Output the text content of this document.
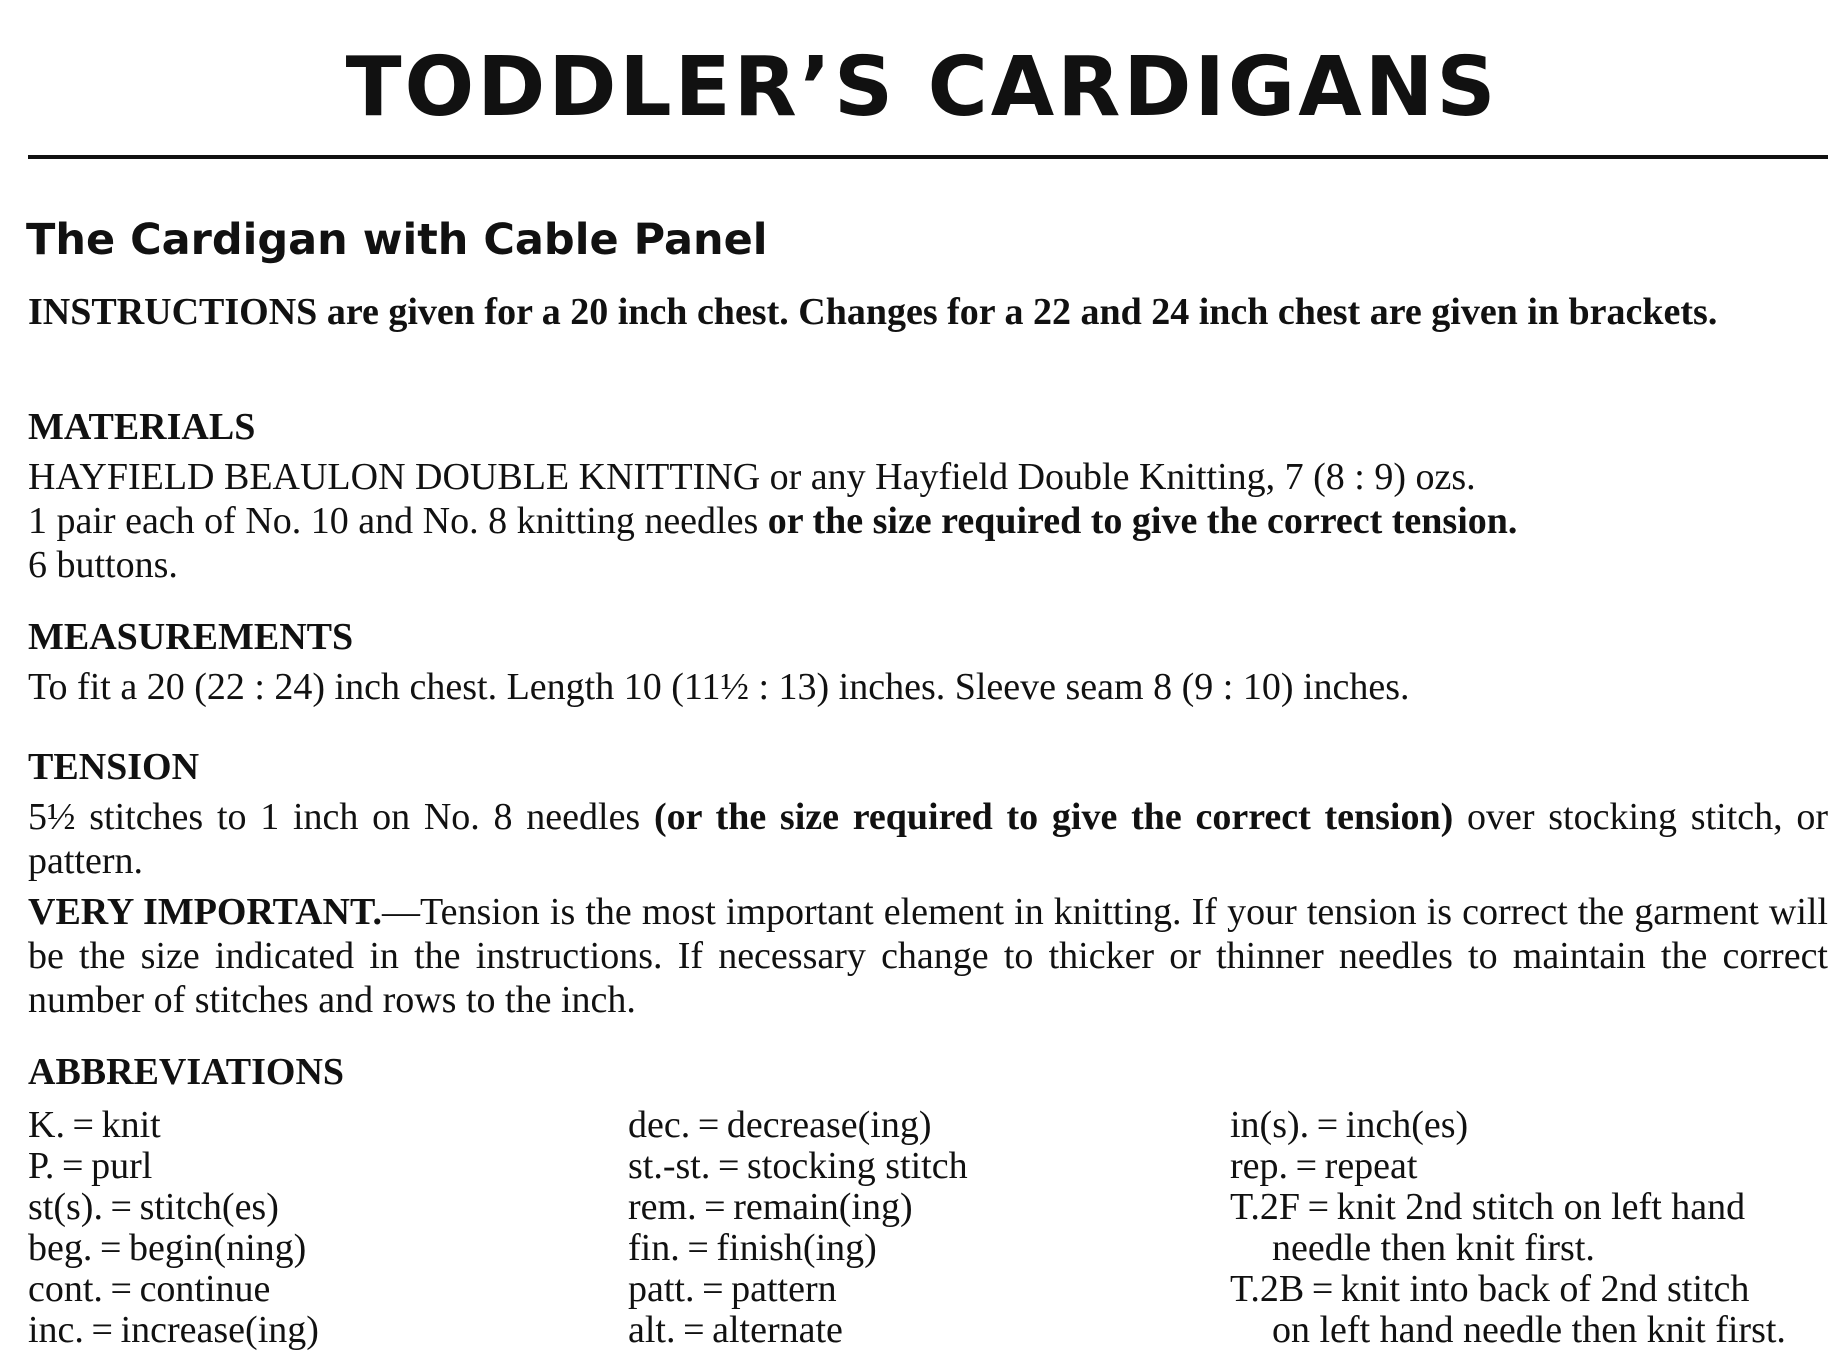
TODDLER’S CARDIGANS
The Cardigan with Cable Panel

INSTRUCTIONS are given for a 20 inch chest. Changes for a 22 and 24 inch chest are given in brackets.

MATERIALS
HAYFIELD BEAULON DOUBLE KNITTING or any Hayfield Double Knitting, 7 (8 : 9) ozs.
1 pair each of No. 10 and No. 8 knitting needles or the size required to give the correct tension.
6 buttons.
MEASUREMENTS

To fit a 20 (22 : 24) inch chest. Length 10 (11½ : 13) inches. Sleeve seam 8 (9 : 10) inches.

TENSION

5½ stitches to 1 inch on No. 8 needles (or the size required to give the correct tension) over stocking stitch, or pattern.

VERY IMPORTANT.—Tension is the most important element in knitting. If your tension is correct the garment will be the size indicated in the instructions. If necessary change to thicker or thinner needles to maintain the correct number of stitches and rows to the inch.

ABBREVIATIONS
K. = knit
P. = purl
st(s). = stitch(es)
beg. = begin(ning)
cont. = continue
inc. = increase(ing)
dec. = decrease(ing)
st.-st. = stocking stitch
rem. = remain(ing)
fin. = finish(ing)
patt. = pattern
alt. = alternate
in(s). = inch(es)
rep. = repeat
T.2F = knit 2nd stitch on left hand
needle then knit first.
T.2B = knit into back of 2nd stitch
on left hand needle then knit first.
